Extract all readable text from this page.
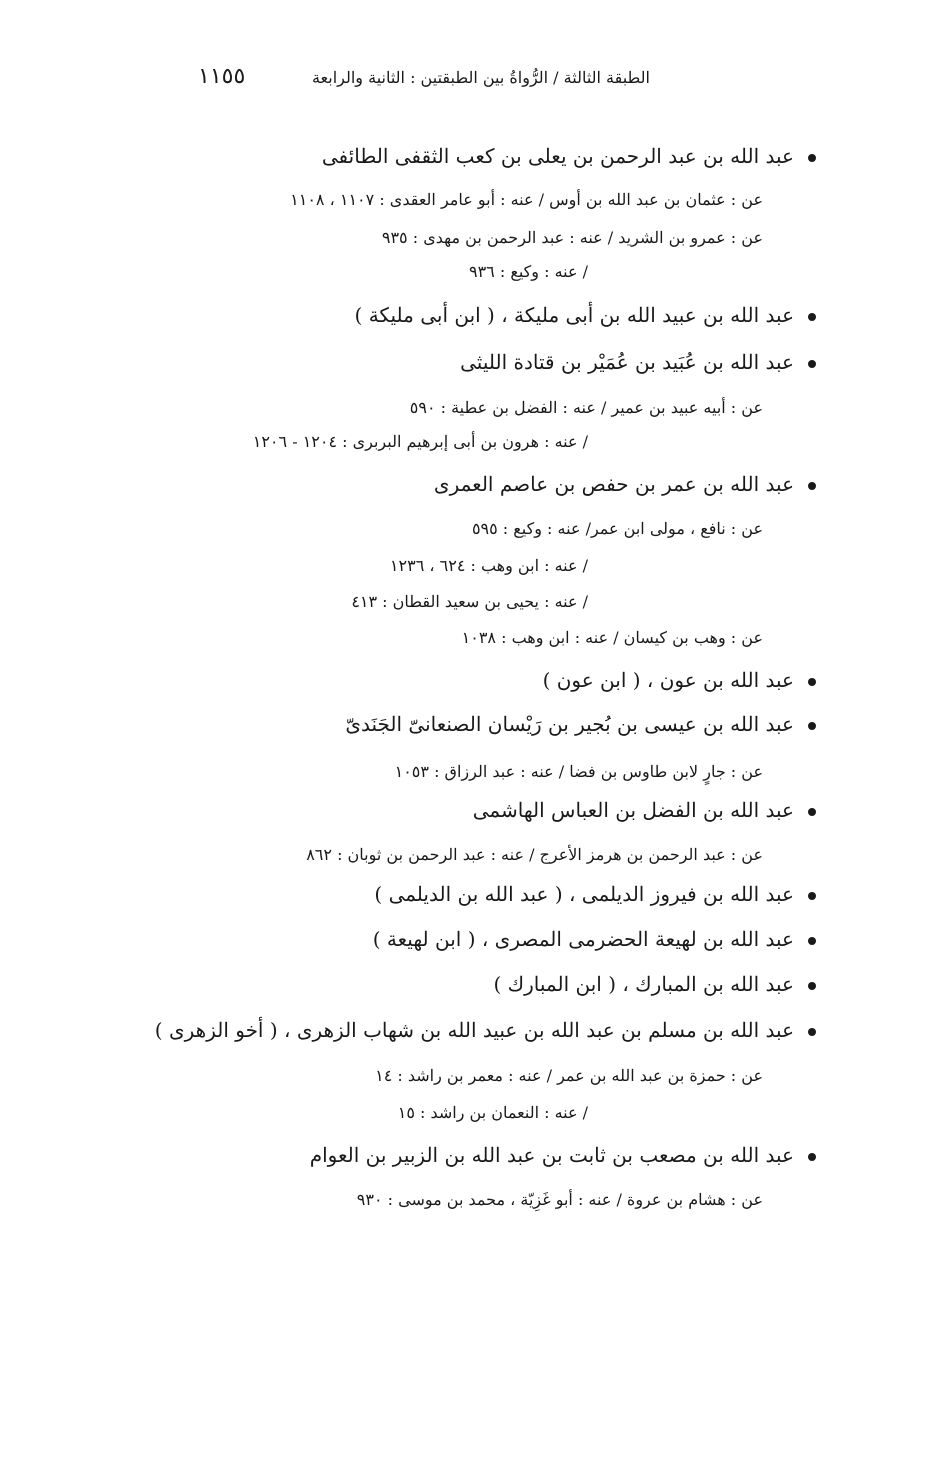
الطبقة الثالثة / الرُّواةُ بين الطبقتين : الثانية والرابعة
١١٥٥
عبد الله بن عبد الرحمن بن يعلى بن كعب الثقفى الطائفى
عن : عثمان بن عبد الله بن أوس / عنه : أبو عامر العقدى : ١١٠٧ ، ١١٠٨
عن : عمرو بن الشريد / عنه : عبد الرحمن بن مهدى : ٩٣٥
/ عنه : وكيع : ٩٣٦
عبد الله بن عبيد الله بن أبى مليكة ، ( ابن أبى مليكة )
عبد الله بن عُبَيد بن عُمَيْر بن قتادة الليثى
عن : أبيه عبيد بن عمير / عنه : الفضل بن عطية : ٥٩٠
/ عنه : هرون بن أبى إبرهيم البربرى : ١٢٠٤ - ١٢٠٦
عبد الله بن عمر بن حفص بن عاصم العمرى
عن : نافع ، مولى ابن عمر/ عنه : وكيع : ٥٩٥
/ عنه : ابن وهب : ٦٢٤ ، ١٢٣٦
/ عنه : يحيى بن سعيد القطان : ٤١٣
عن : وهب بن كيسان / عنه : ابن وهب : ١٠٣٨
عبد الله بن عون ، ( ابن عون )
عبد الله بن عيسى بن بُجير بن رَيْسان الصنعانىّ الجَنَدىّ
عن : جارٍ لابن طاوس بن فضا / عنه : عبد الرزاق : ١٠٥٣
عبد الله بن الفضل بن العباس الهاشمى
عن : عبد الرحمن بن هرمز الأعرج / عنه : عبد الرحمن بن ثوبان : ٨٦٢
عبد الله بن فيروز الديلمى ، ( عبد الله بن الديلمى )
عبد الله بن لهيعة الحضرمى المصرى ، ( ابن لهيعة )
عبد الله بن المبارك ، ( ابن المبارك )
عبد الله بن مسلم بن عبد الله بن عبيد الله بن شهاب الزهرى ، ( أخو الزهرى )
عن : حمزة بن عبد الله بن عمر / عنه : معمر بن راشد : ١٤
/ عنه : النعمان بن راشد : ١٥
عبد الله بن مصعب بن ثابت بن عبد الله بن الزبير بن العوام
عن : هشام بن عروة / عنه : أبو غَزِيّة ، محمد بن موسى : ٩٣٠
